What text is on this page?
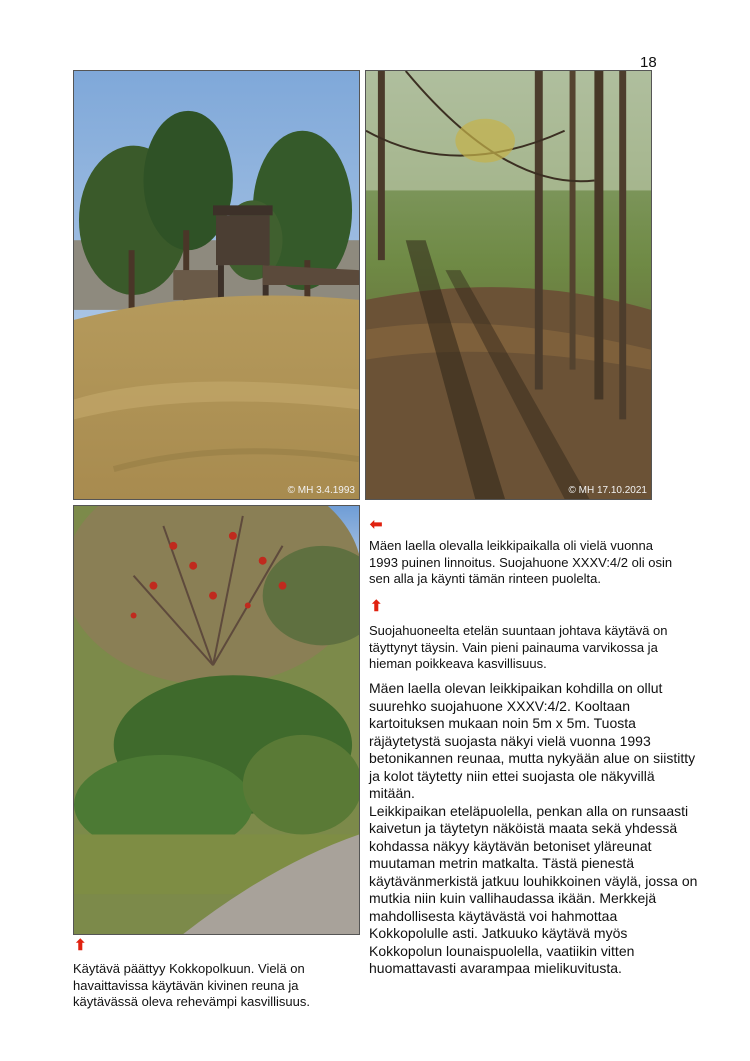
18
© MH 3.4.1993	© MH 17.10.2021
⬉

Mäen laella olevalla leikkipaikalla oli vielä vuonna 1993 puinen linnoitus. Suojahuone XXXV:4/2 oli osin sen alla ja käynti tämän rinteen puolelta.

⬆

Suojahuoneelta etelän suuntaan johtava käytävä on täyttynyt täysin. Vain pieni painauma varvikossa ja hieman poikkeava kasvillisuus.

⬆

Käytävä päättyy Kokkopolkuun. Vielä on havaittavissa käytävän kivinen reuna ja käytävässä oleva rehevämpi kasvillisuus.

Mäen laella olevan leikkipaikan kohdilla on ollut suurehko suojahuone XXXV:4/2. Kooltaan kartoituksen mukaan noin 5m x 5m. Tuosta räjäytetystä suojasta näkyi vielä vuonna 1993 betonikannen reunaa, mutta nykyään alue on siistitty ja kolot täytetty niin ettei suojasta ole näkyvillä mitään.

Leikkipaikan eteläpuolella, penkan alla on runsaasti kaivetun ja täytetyn näköistä maata sekä yhdessä kohdassa näkyy käytävän betoniset yläreunat muutaman metrin matkalta. Tästä pienestä käytävänmerkistä jatkuu louhikkoinen väylä, jossa on mutkia niin kuin vallihaudassa ikään. Merkkejä mahdollisesta käytävästä voi hahmottaa Kokkopolulle asti. Jatkuuko käytävä myös Kokkopolun lounaispuolella, vaatiikin vitten huomattavasti avarampaa mielikuvitusta.
